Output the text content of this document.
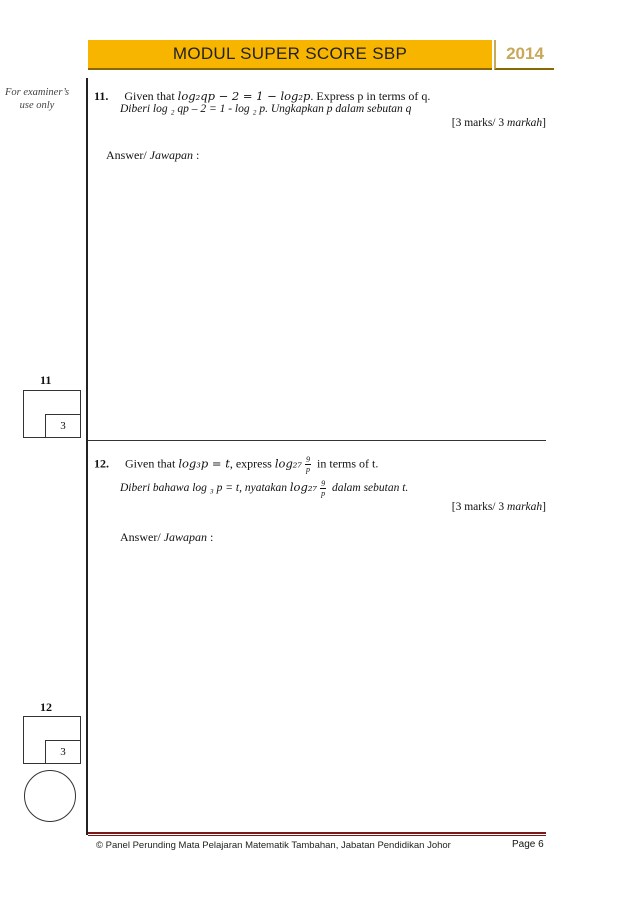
MODUL SUPER SCORE SBP	2014
For examiner’s use only
11
3
12
3
11. Given that log₂qp − 2 = 1 − log₂p. Express p in terms of q.
Diberi log ₂ qp – 2 = 1 - log ₂ p. Ungkapkan p dalam sebutan q
[3 marks/ 3 markah]
Answer/ Jawapan :
12. Given that log₃p = t, express $\log_{27} \frac{9}{p}$ in terms of t.
Diberi bahawa log ₃ p = t, nyatakan $\log_{27} \frac{9}{p}$ dalam sebutan t.
[3 marks/ 3 markah]
Answer/ Jawapan :
© Panel Perunding Mata Pelajaran Matematik Tambahan, Jabatan Pendidikan Johor	Page 6
